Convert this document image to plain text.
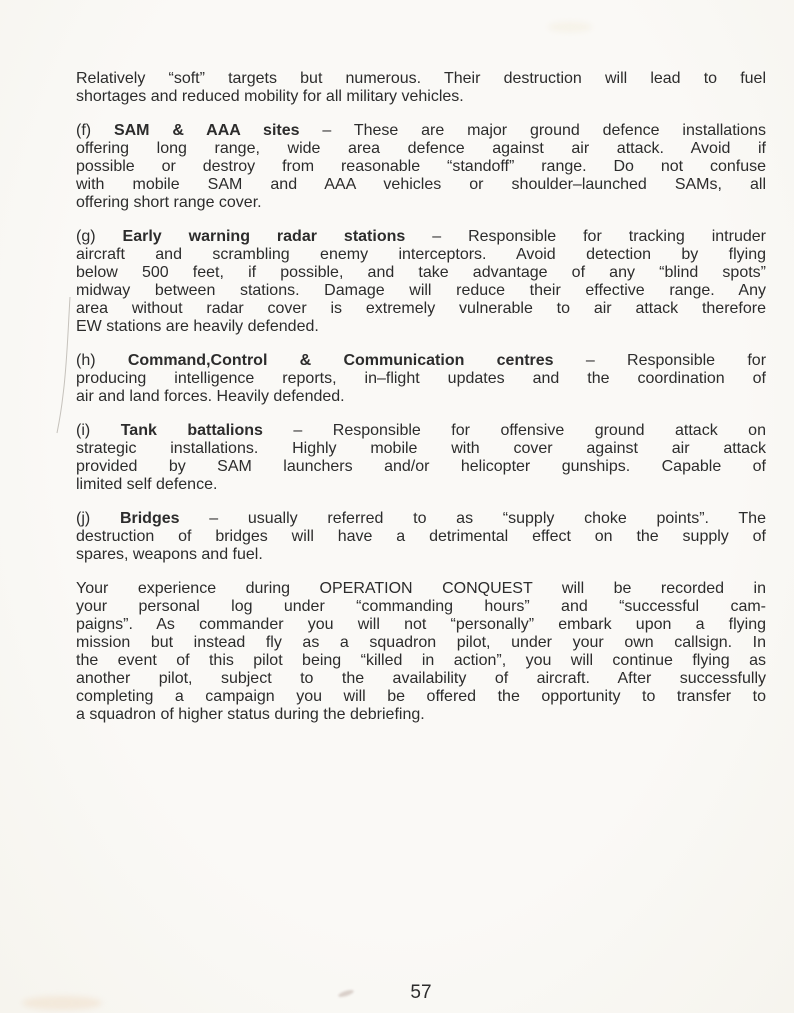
Relatively “soft” targets but numerous. Their destruction will lead to fuel
shortages and reduced mobility for all military vehicles.

(f) SAM & AAA sites – These are major ground defence installations
offering long range, wide area defence against air attack. Avoid if
possible or destroy from reasonable “standoff” range. Do not confuse
with mobile SAM and AAA vehicles or shoulder–launched SAMs, all
offering short range cover.

(g) Early warning radar stations – Responsible for tracking intruder
aircraft and scrambling enemy interceptors. Avoid detection by flying
below 500 feet, if possible, and take advantage of any “blind spots”
midway between stations. Damage will reduce their effective range. Any
area without radar cover is extremely vulnerable to air attack therefore
EW stations are heavily defended.

(h) Command,Control & Communication centres – Responsible for
producing intelligence reports, in–flight updates and the coordination of
air and land forces. Heavily defended.

(i) Tank battalions – Responsible for offensive ground attack on
strategic installations. Highly mobile with cover against air attack
provided by SAM launchers and/or helicopter gunships. Capable of
limited self defence.

(j) Bridges – usually referred to as “supply choke points”. The
destruction of bridges will have a detrimental effect on the supply of
spares, weapons and fuel.

Your experience during OPERATION CONQUEST will be recorded in
your personal log under “commanding hours” and “successful cam-
paigns”. As commander you will not “personally” embark upon a flying
mission but instead fly as a squadron pilot, under your own callsign. In
the event of this pilot being “killed in action”, you will continue flying as
another pilot, subject to the availability of aircraft. After successfully
completing a campaign you will be offered the opportunity to transfer to
a squadron of higher status during the debriefing.

57
